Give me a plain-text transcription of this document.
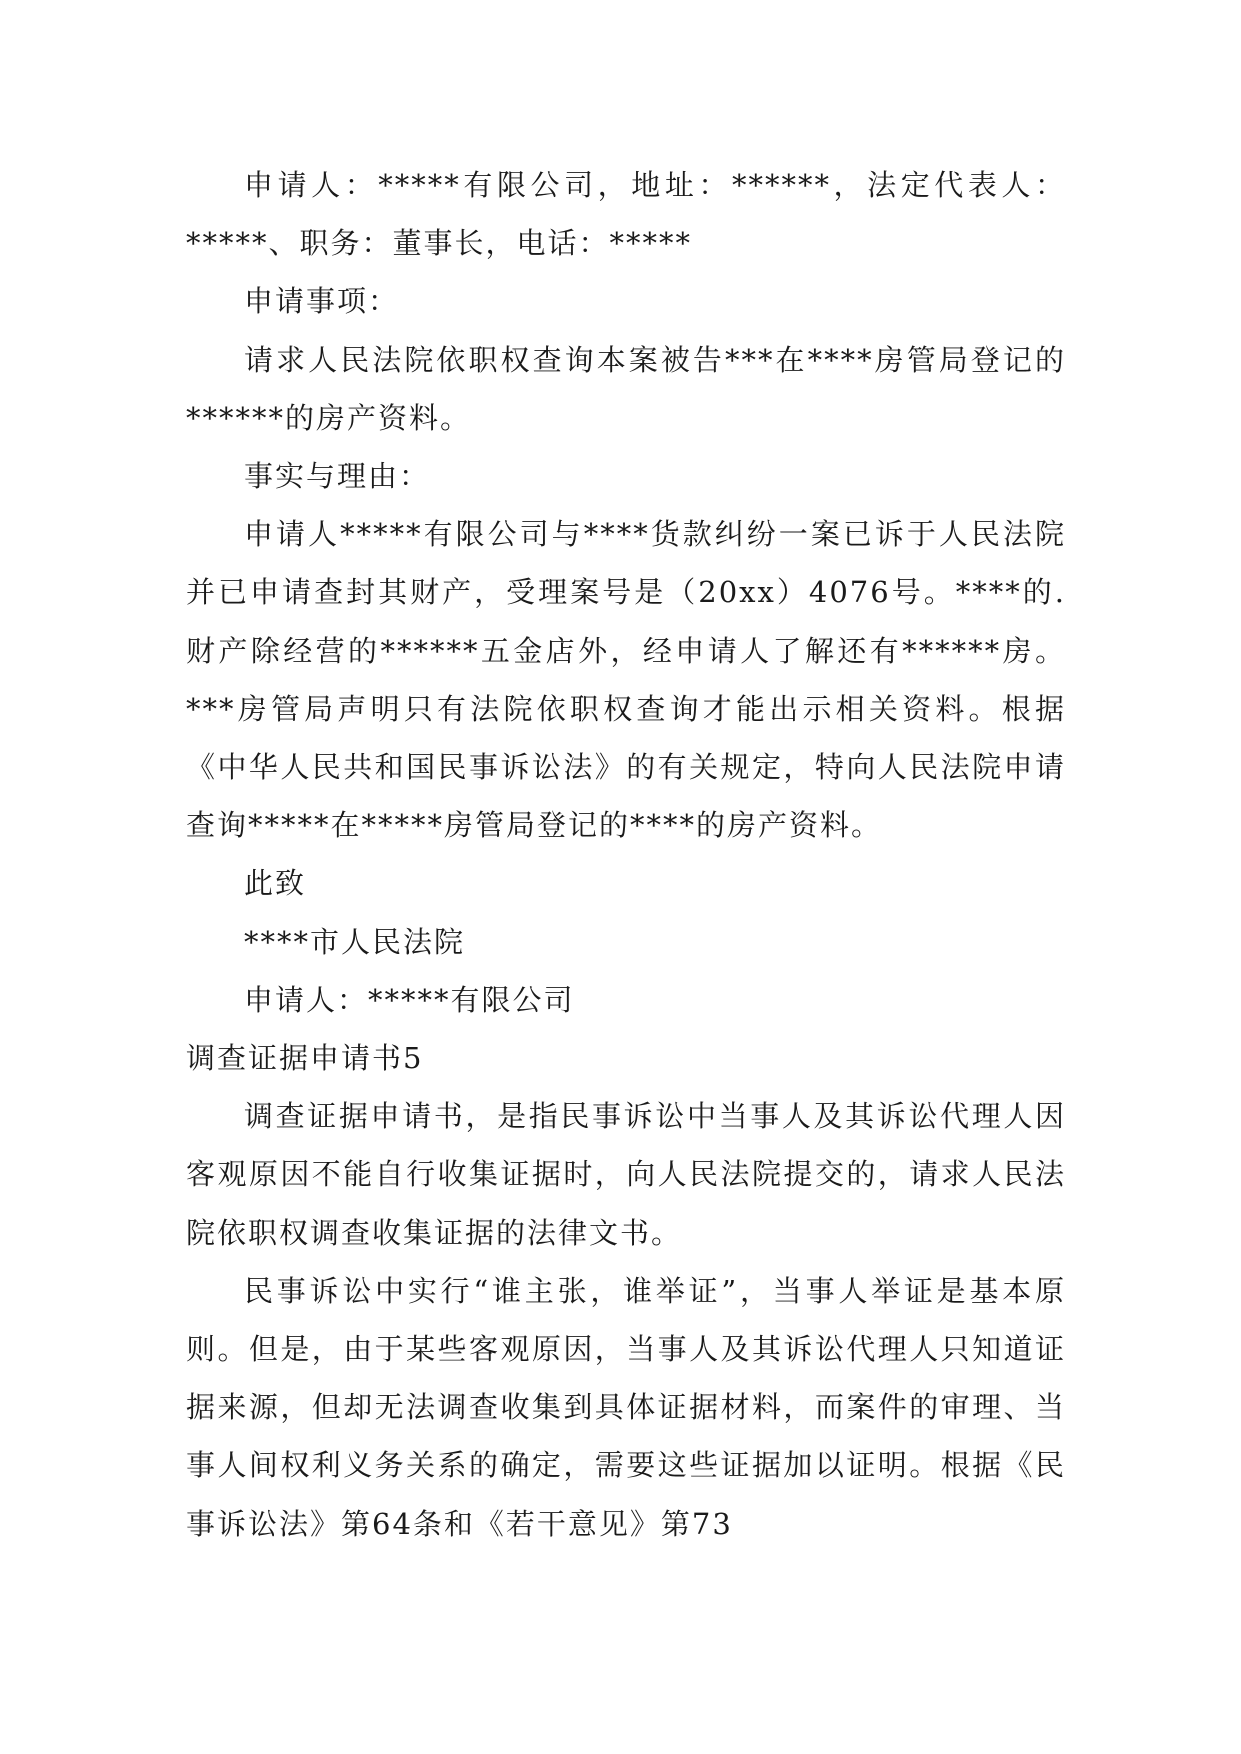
申请人：*****有限公司，地址：******，法定代表人：*****、职务：董事长，电话：*****

申请事项：

请求人民法院依职权查询本案被告***在****房管局登记的******的房产资料。

事实与理由：

申请人*****有限公司与****货款纠纷一案已诉于人民法院并已申请查封其财产，受理案号是（20xx）4076号。****的.财产除经营的******五金店外，经申请人了解还有******房。***房管局声明只有法院依职权查询才能出示相关资料。根据《中华人民共和国民事诉讼法》的有关规定，特向人民法院申请查询*****在*****房管局登记的****的房产资料。

此致

****市人民法院

申请人：*****有限公司

调查证据申请书5

调查证据申请书，是指民事诉讼中当事人及其诉讼代理人因客观原因不能自行收集证据时，向人民法院提交的，请求人民法院依职权调查收集证据的法律文书。

民事诉讼中实行“谁主张，谁举证”，当事人举证是基本原则。但是，由于某些客观原因，当事人及其诉讼代理人只知道证据来源，但却无法调查收集到具体证据材料，而案件的审理、当事人间权利义务关系的确定，需要这些证据加以证明。根据《民事诉讼法》第64条和《若干意见》第73
